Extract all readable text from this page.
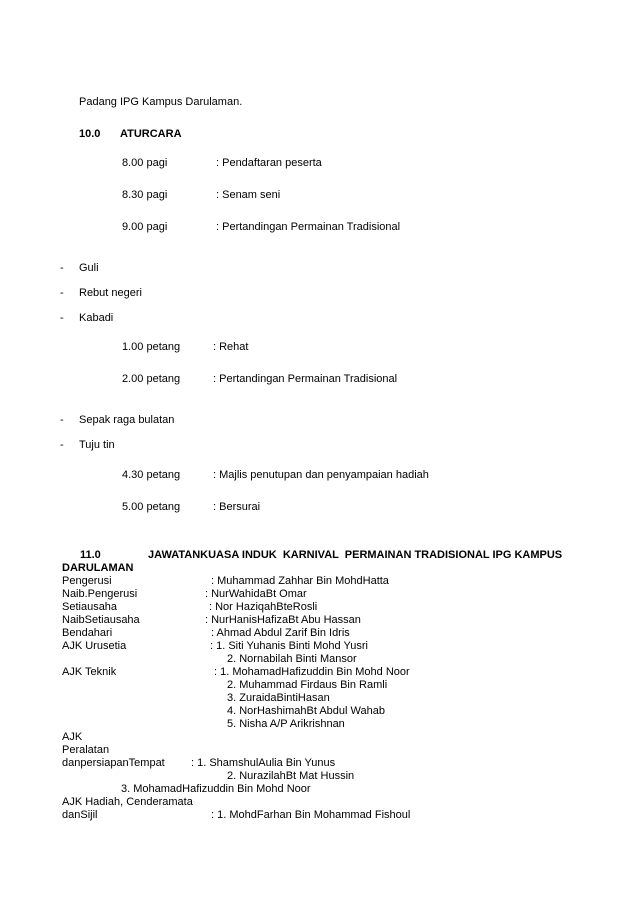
Padang IPG Kampus Darulaman.
10.0 ATURCARA
8.00 pagi	: Pendaftaran peserta
8.30 pagi	: Senam seni
9.00 pagi	: Pertandingan Permainan Tradisional
- Guli
- Rebut negeri
- Kabadi
1.00 petang	: Rehat
2.00 petang	: Pertandingan Permainan Tradisional
- Sepak raga bulatan
- Tuju tin
4.30 petang	: Majlis penutupan dan penyampaian hadiah
5.00 petang	: Bersurai
11.0	JAWATANKUASA INDUK  KARNIVAL  PERMAINAN TRADISIONAL IPG KAMPUS
DARULAMAN
Pengerusi	: Muhammad Zahhar Bin MohdHatta
Naib.Pengerusi	: NurWahidaBt Omar
Setiausaha	: Nor HaziqahBteRosli
NaibSetiausaha	: NurHanisHafizaBt Abu Hassan
Bendahari	: Ahmad Abdul Zarif Bin Idris
AJK Urusetia	: 1. Siti Yuhanis Binti Mohd Yusri
2. Nornabilah Binti Mansor
AJK Teknik	: 1. MohamadHafizuddin Bin Mohd Noor
2. Muhammad Firdaus Bin Ramli
3. ZuraidaBintiHasan
4. NorHashimahBt Abdul Wahab
5. Nisha A/P Arikrishnan
AJK
Peralatan
danpersiapanTempat : 1. ShamshulAulia Bin Yunus
2. NurazilahBt Mat Hussin
3. MohamadHafizuddin Bin Mohd Noor
AJK Hadiah, Cenderamata
danSijil	: 1. MohdFarhan Bin Mohammad Fishoul
